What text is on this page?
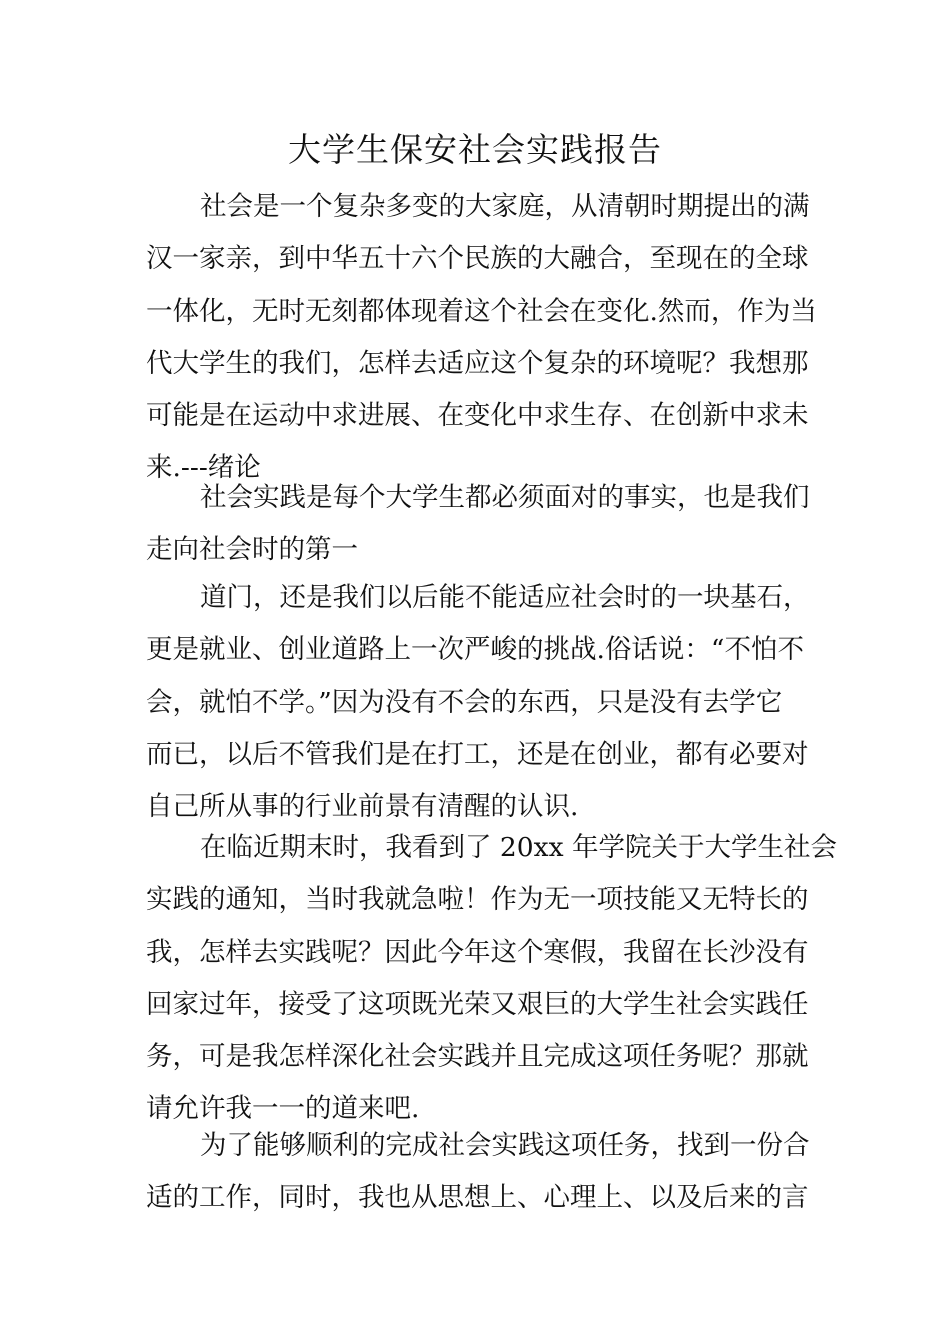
大学生保安社会实践报告
社会是一个复杂多变的大家庭，从清朝时期提出的满
汉一家亲，到中华五十六个民族的大融合，至现在的全球
一体化，无时无刻都体现着这个社会在变化.然而，作为当
代大学生的我们，怎样去适应这个复杂的环境呢？我想那
可能是在运动中求进展、在变化中求生存、在创新中求未
来.---绪论
社会实践是每个大学生都必须面对的事实，也是我们
走向社会时的第一
道门，还是我们以后能不能适应社会时的一块基石，
更是就业、创业道路上一次严峻的挑战.俗话说：“不怕不
会，就怕不学。”因为没有不会的东西，只是没有去学它
而已，以后不管我们是在打工，还是在创业，都有必要对
自己所从事的行业前景有清醒的认识.
在临近期末时，我看到了 20xx 年学院关于大学生社会
实践的通知，当时我就急啦！作为无一项技能又无特长的
我，怎样去实践呢？因此今年这个寒假，我留在长沙没有
回家过年，接受了这项既光荣又艰巨的大学生社会实践任
务，可是我怎样深化社会实践并且完成这项任务呢？那就
请允许我一一的道来吧.
为了能够顺利的完成社会实践这项任务，找到一份合
适的工作，同时，我也从思想上、心理上、以及后来的言
